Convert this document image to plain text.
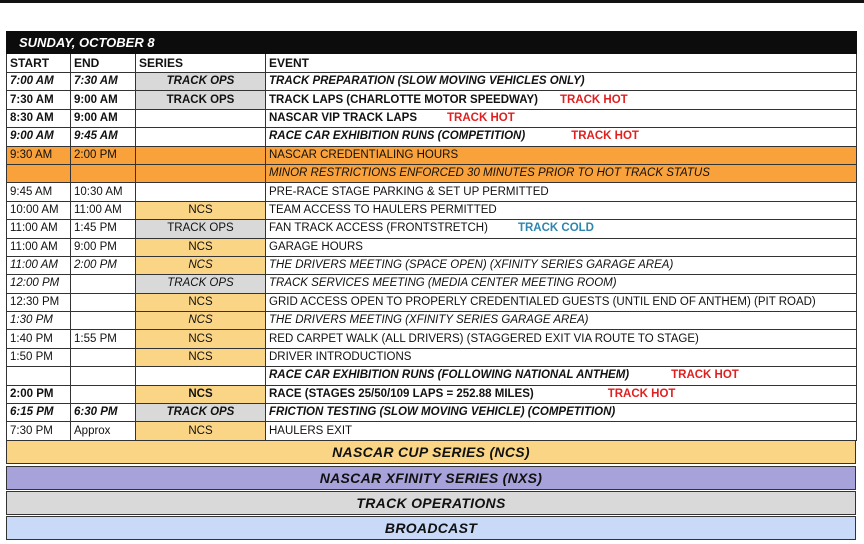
SUNDAY, OCTOBER 8			
START	END	SERIES	EVENT
7:00 AM	7:30 AM	TRACK OPS	TRACK PREPARATION (SLOW MOVING VEHICLES ONLY)
7:30 AM	9:00 AM	TRACK OPS	TRACK LAPS (CHARLOTTE MOTOR SPEEDWAY) TRACK HOT
8:30 AM	9:00 AM		NASCAR VIP TRACK LAPS TRACK HOT
9:00 AM	9:45 AM		RACE CAR EXHIBITION RUNS (COMPETITION) TRACK HOT
9:30 AM	2:00 PM		NASCAR CREDENTIALING HOURS
			MINOR RESTRICTIONS ENFORCED 30 MINUTES PRIOR TO HOT TRACK STATUS
9:45 AM	10:30 AM		PRE-RACE STAGE PARKING & SET UP PERMITTED
10:00 AM	11:00 AM	NCS	TEAM ACCESS TO HAULERS PERMITTED
11:00 AM	1:45 PM	TRACK OPS	FAN TRACK ACCESS (FRONTSTRETCH) TRACK COLD
11:00 AM	9:00 PM	NCS	GARAGE HOURS
11:00 AM	2:00 PM	NCS	THE DRIVERS MEETING (SPACE OPEN) (XFINITY SERIES GARAGE AREA)
12:00 PM		TRACK OPS	TRACK SERVICES MEETING (MEDIA CENTER MEETING ROOM)
12:30 PM		NCS	GRID ACCESS OPEN TO PROPERLY CREDENTIALED GUESTS (UNTIL END OF ANTHEM) (PIT ROAD)
1:30 PM		NCS	THE DRIVERS MEETING (XFINITY SERIES GARAGE AREA)
1:40 PM	1:55 PM	NCS	RED CARPET WALK (ALL DRIVERS) (STAGGERED EXIT VIA ROUTE TO STAGE)
1:50 PM		NCS	DRIVER INTRODUCTIONS
			RACE CAR EXHIBITION RUNS (FOLLOWING NATIONAL ANTHEM) TRACK HOT
2:00 PM		NCS	RACE (STAGES 25/50/109 LAPS = 252.88 MILES) TRACK HOT
6:15 PM	6:30 PM	TRACK OPS	FRICTION TESTING (SLOW MOVING VEHICLE) (COMPETITION)
7:30 PM	Approx	NCS	HAULERS EXIT
NASCAR CUP SERIES (NCS)
NASCAR XFINITY SERIES (NXS)
TRACK OPERATIONS
BROADCAST
